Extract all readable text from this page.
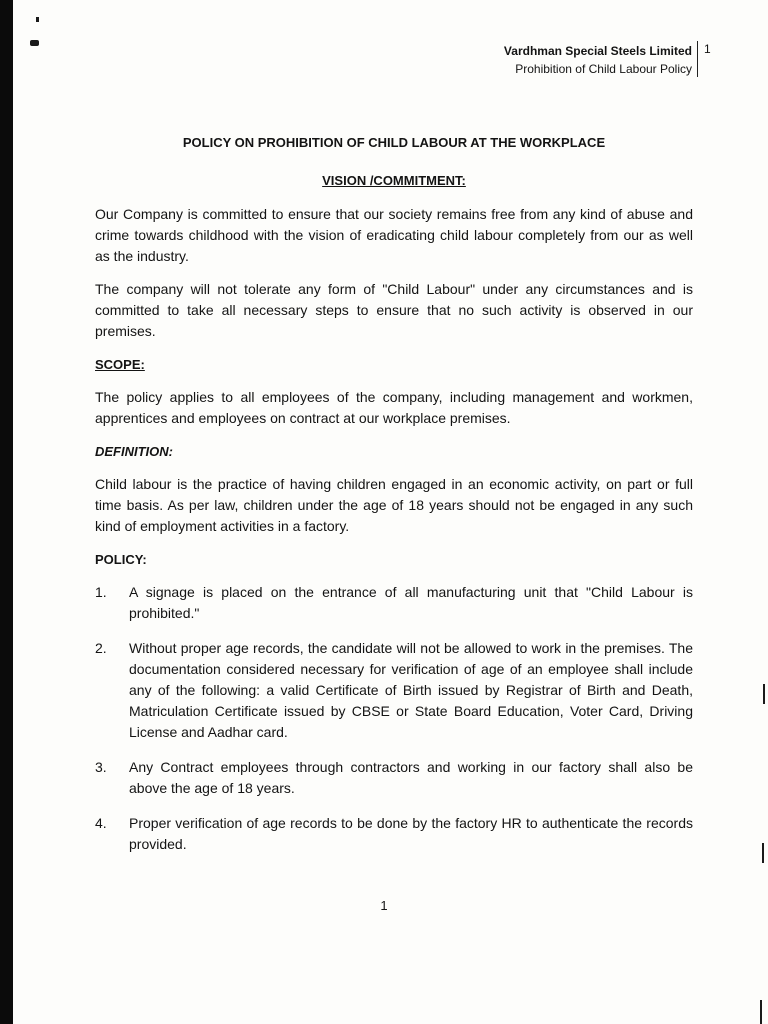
Vardhman Special Steels Limited
Prohibition of Child Labour Policy
1
POLICY ON PROHIBITION OF CHILD LABOUR AT THE WORKPLACE
VISION /COMMITMENT:

Our Company is committed to ensure that our society remains free from any kind of abuse and crime towards childhood with the vision of eradicating child labour completely from our as well as the industry.

The company will not tolerate any form of "Child Labour" under any circumstances and is committed to take all necessary steps to ensure that no such activity is observed in our premises.

SCOPE:

The policy applies to all employees of the company, including management and workmen, apprentices and employees on contract at our workplace premises.

DEFINITION:

Child labour is the practice of having children engaged in an economic activity, on part or full time basis. As per law, children under the age of 18 years should not be engaged in any such kind of employment activities in a factory.

POLICY:
1.	A signage is placed on the entrance of all manufacturing unit that "Child Labour is prohibited."
2.	Without proper age records, the candidate will not be allowed to work in the premises. The documentation considered necessary for verification of age of an employee shall include any of the following: a valid Certificate of Birth issued by Registrar of Birth and Death, Matriculation Certificate issued by CBSE or State Board Education, Voter Card, Driving License and Aadhar card.
3.	Any Contract employees through contractors and working in our factory shall also be above the age of 18 years.
4.	Proper verification of age records to be done by the factory HR to authenticate the records provided.
1
